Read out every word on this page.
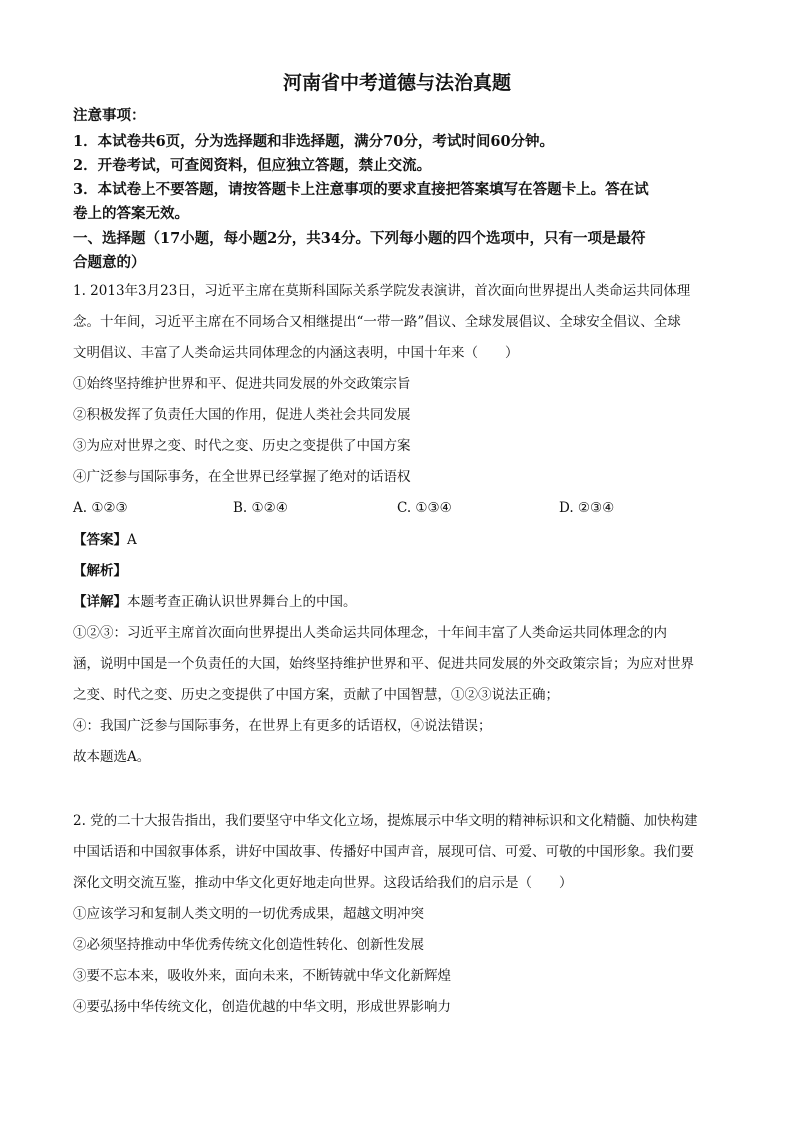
河南省中考道德与法治真题
注意事项：
1．本试卷共6页，分为选择题和非选择题，满分70分，考试时间60分钟。
2．开卷考试，可查阅资料，但应独立答题，禁止交流。
3．本试卷上不要答题，请按答题卡上注意事项的要求直接把答案填写在答题卡上。答在试
卷上的答案无效。
一、选择题（17小题，每小题2分，共34分。下列每小题的四个选项中，只有一项是最符
合题意的）
1. 2013年3月23日，习近平主席在莫斯科国际关系学院发表演讲，首次面向世界提出人类命运共同体理
念。十年间，习近平主席在不同场合又相继提出“一带一路”倡议、全球发展倡议、全球安全倡议、全球
文明倡议、丰富了人类命运共同体理念的内涵这表明，中国十年来（　　）
①始终坚持维护世界和平、促进共同发展的外交政策宗旨
②积极发挥了负责任大国的作用，促进人类社会共同发展
③为应对世界之变、时代之变、历史之变提供了中国方案
④广泛参与国际事务，在全世界已经掌握了绝对的话语权
A. ①②③	B. ①②④	C. ①③④	D. ②③④
【答案】A
【解析】
【详解】本题考查正确认识世界舞台上的中国。
①②③：习近平主席首次面向世界提出人类命运共同体理念，十年间丰富了人类命运共同体理念的内
涵，说明中国是一个负责任的大国，始终坚持维护世界和平、促进共同发展的外交政策宗旨；为应对世界
之变、时代之变、历史之变提供了中国方案，贡献了中国智慧，①②③说法正确；
④：我国广泛参与国际事务，在世界上有更多的话语权，④说法错误；
故本题选A。
2. 党的二十大报告指出，我们要坚守中华文化立场，提炼展示中华文明的精神标识和文化精髓、加快构建
中国话语和中国叙事体系，讲好中国故事、传播好中国声音，展现可信、可爱、可敬的中国形象。我们要
深化文明交流互鉴，推动中华文化更好地走向世界。这段话给我们的启示是（　　）
①应该学习和复制人类文明的一切优秀成果，超越文明冲突
②必须坚持推动中华优秀传统文化创造性转化、创新性发展
③要不忘本来，吸收外来，面向未来，不断铸就中华文化新辉煌
④要弘扬中华传统文化，创造优越的中华文明，形成世界影响力
